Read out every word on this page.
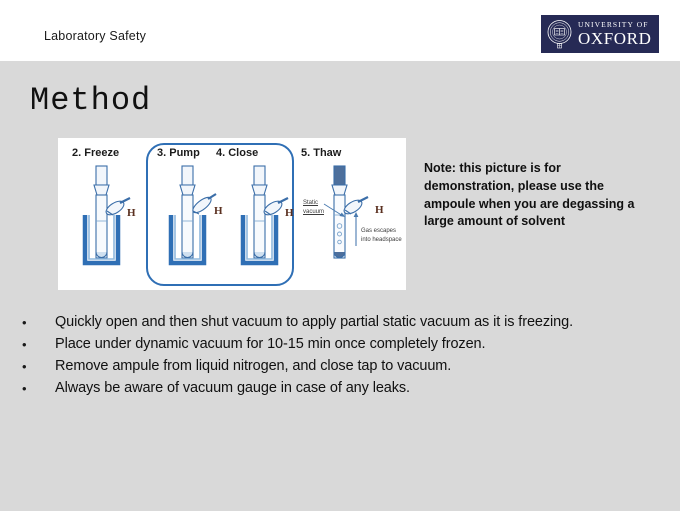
Laboratory Safety
UNIVERSITY OF
OXFORD
Method
2. Freeze	3. Pump 4. Close	5. Thaw
H	H	H	H
Static
vacuum
Gas escapes
into headspace
Note: this picture is for demonstration, please use the ampoule when you are degassing a large amount of solvent
•	Quickly open and then shut vacuum to apply partial static vacuum as it is freezing.
•	Place under dynamic vacuum for 10-15 min once completely frozen.
•	Remove ampule from liquid nitrogen, and close tap to vacuum.
•	Always be aware of vacuum gauge in case of any leaks.
